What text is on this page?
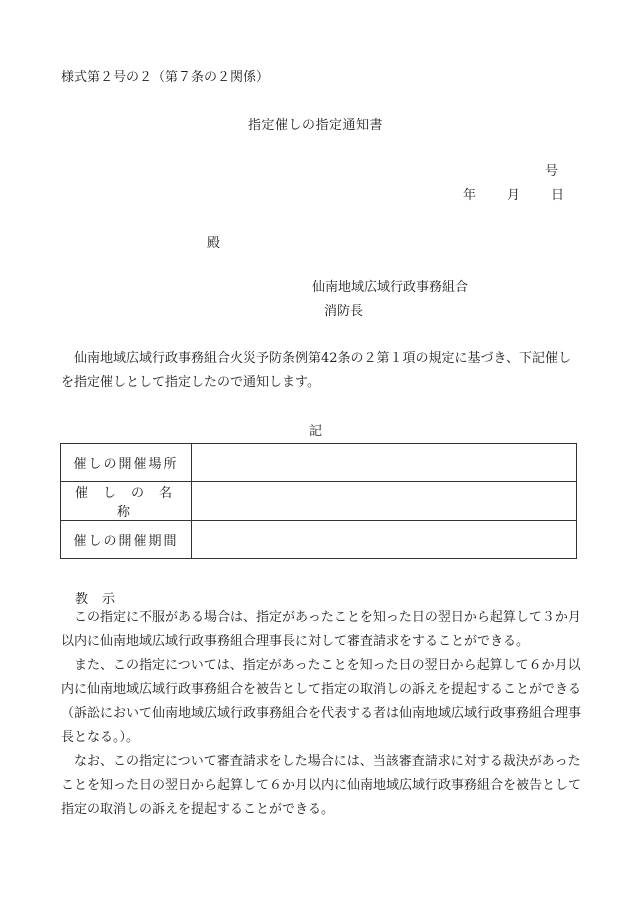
様式第２号の２（第７条の２関係）
指定催しの指定通知書
号
年 月 日
殿
仙南地域広域行政事務組合
消防長
仙南地域広域行政事務組合火災予防条例第42条の２第１項の規定に基づき、下記催しを指定催しとして指定したので通知します。
記
催しの開催場所	
催しの名称	
催しの開催期間	
教示
この指定に不服がある場合は、指定があったことを知った日の翌日から起算して３か月以内に仙南地域広域行政事務組合理事長に対して審査請求をすることができる。
また、この指定については、指定があったことを知った日の翌日から起算して６か月以内に仙南地域広域行政事務組合を被告として指定の取消しの訴えを提起することができる（訴訟において仙南地域広域行政事務組合を代表する者は仙南地域広域行政事務組合理事長となる。）。
なお、この指定について審査請求をした場合には、当該審査請求に対する裁決があったことを知った日の翌日から起算して６か月以内に仙南地域広域行政事務組合を被告として指定の取消しの訴えを提起することができる。
